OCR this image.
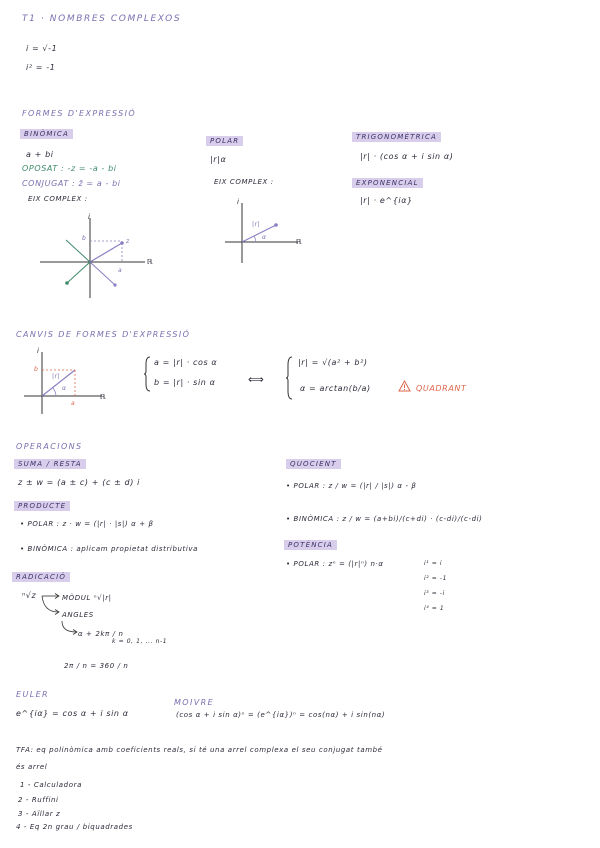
T1 · NOMBRES COMPLEXOS
i = √-1
i² = -1
FORMES D'EXPRESSIÓ
BINÒMICA
a + bi
OPOSAT : -z = -a - bi
CONJUGAT : z̄ = a - bi
EIX COMPLEX :
i
ℝ
b
a
z
POLAR
|r|α
EIX COMPLEX :
i
ℝ
|r|
α
TRIGONOMÈTRICA
|r| · (cos α + i sin α)
EXPONENCIAL
|r| · e^{iα}
CANVIS DE FORMES D'EXPRESSIÓ
i
ℝ
b
a
|r|
α
a = |r| · cos α
b = |r| · sin α	⟺
|r| = √(a² + b²)
α = arctan(b/a)	QUADRANT
OPERACIONS
SUMA / RESTA
z ± w = (a ± c) + (c ± d) i
PRODUCTE
• POLAR : z · w = (|r| · |s|) α + β
• BINÒMICA : aplicam propietat distributiva
RADICACIÓ
ⁿ√z	MÒDUL ⁿ√|r|
ANGLES
α + 2kπ / n
k = 0, 1, ... n-1
2π / n = 360 / n
QUOCIENT
• POLAR : z / w = (|r| / |s|) α - β
• BINÒMICA : z / w = (a+bi)/(c+di) · (c-di)/(c-di)
POTÈNCIA
• POLAR : zⁿ = (|r|ⁿ) n·α	i¹ = i
i² = -1
i³ = -i
i⁴ = 1
EULER
e^{iα} = cos α + i sin α
MOIVRE
(cos α + i sin α)ⁿ = (e^{iα})ⁿ = cos(nα) + i sin(nα)
TFA: eq polinòmica amb coeficients reals, si té una arrel complexa el seu conjugat també
és arrel
1 - Calculadora
2 - Ruffini
3 - Aïllar z
4 - Eq 2n grau / biquadrades
